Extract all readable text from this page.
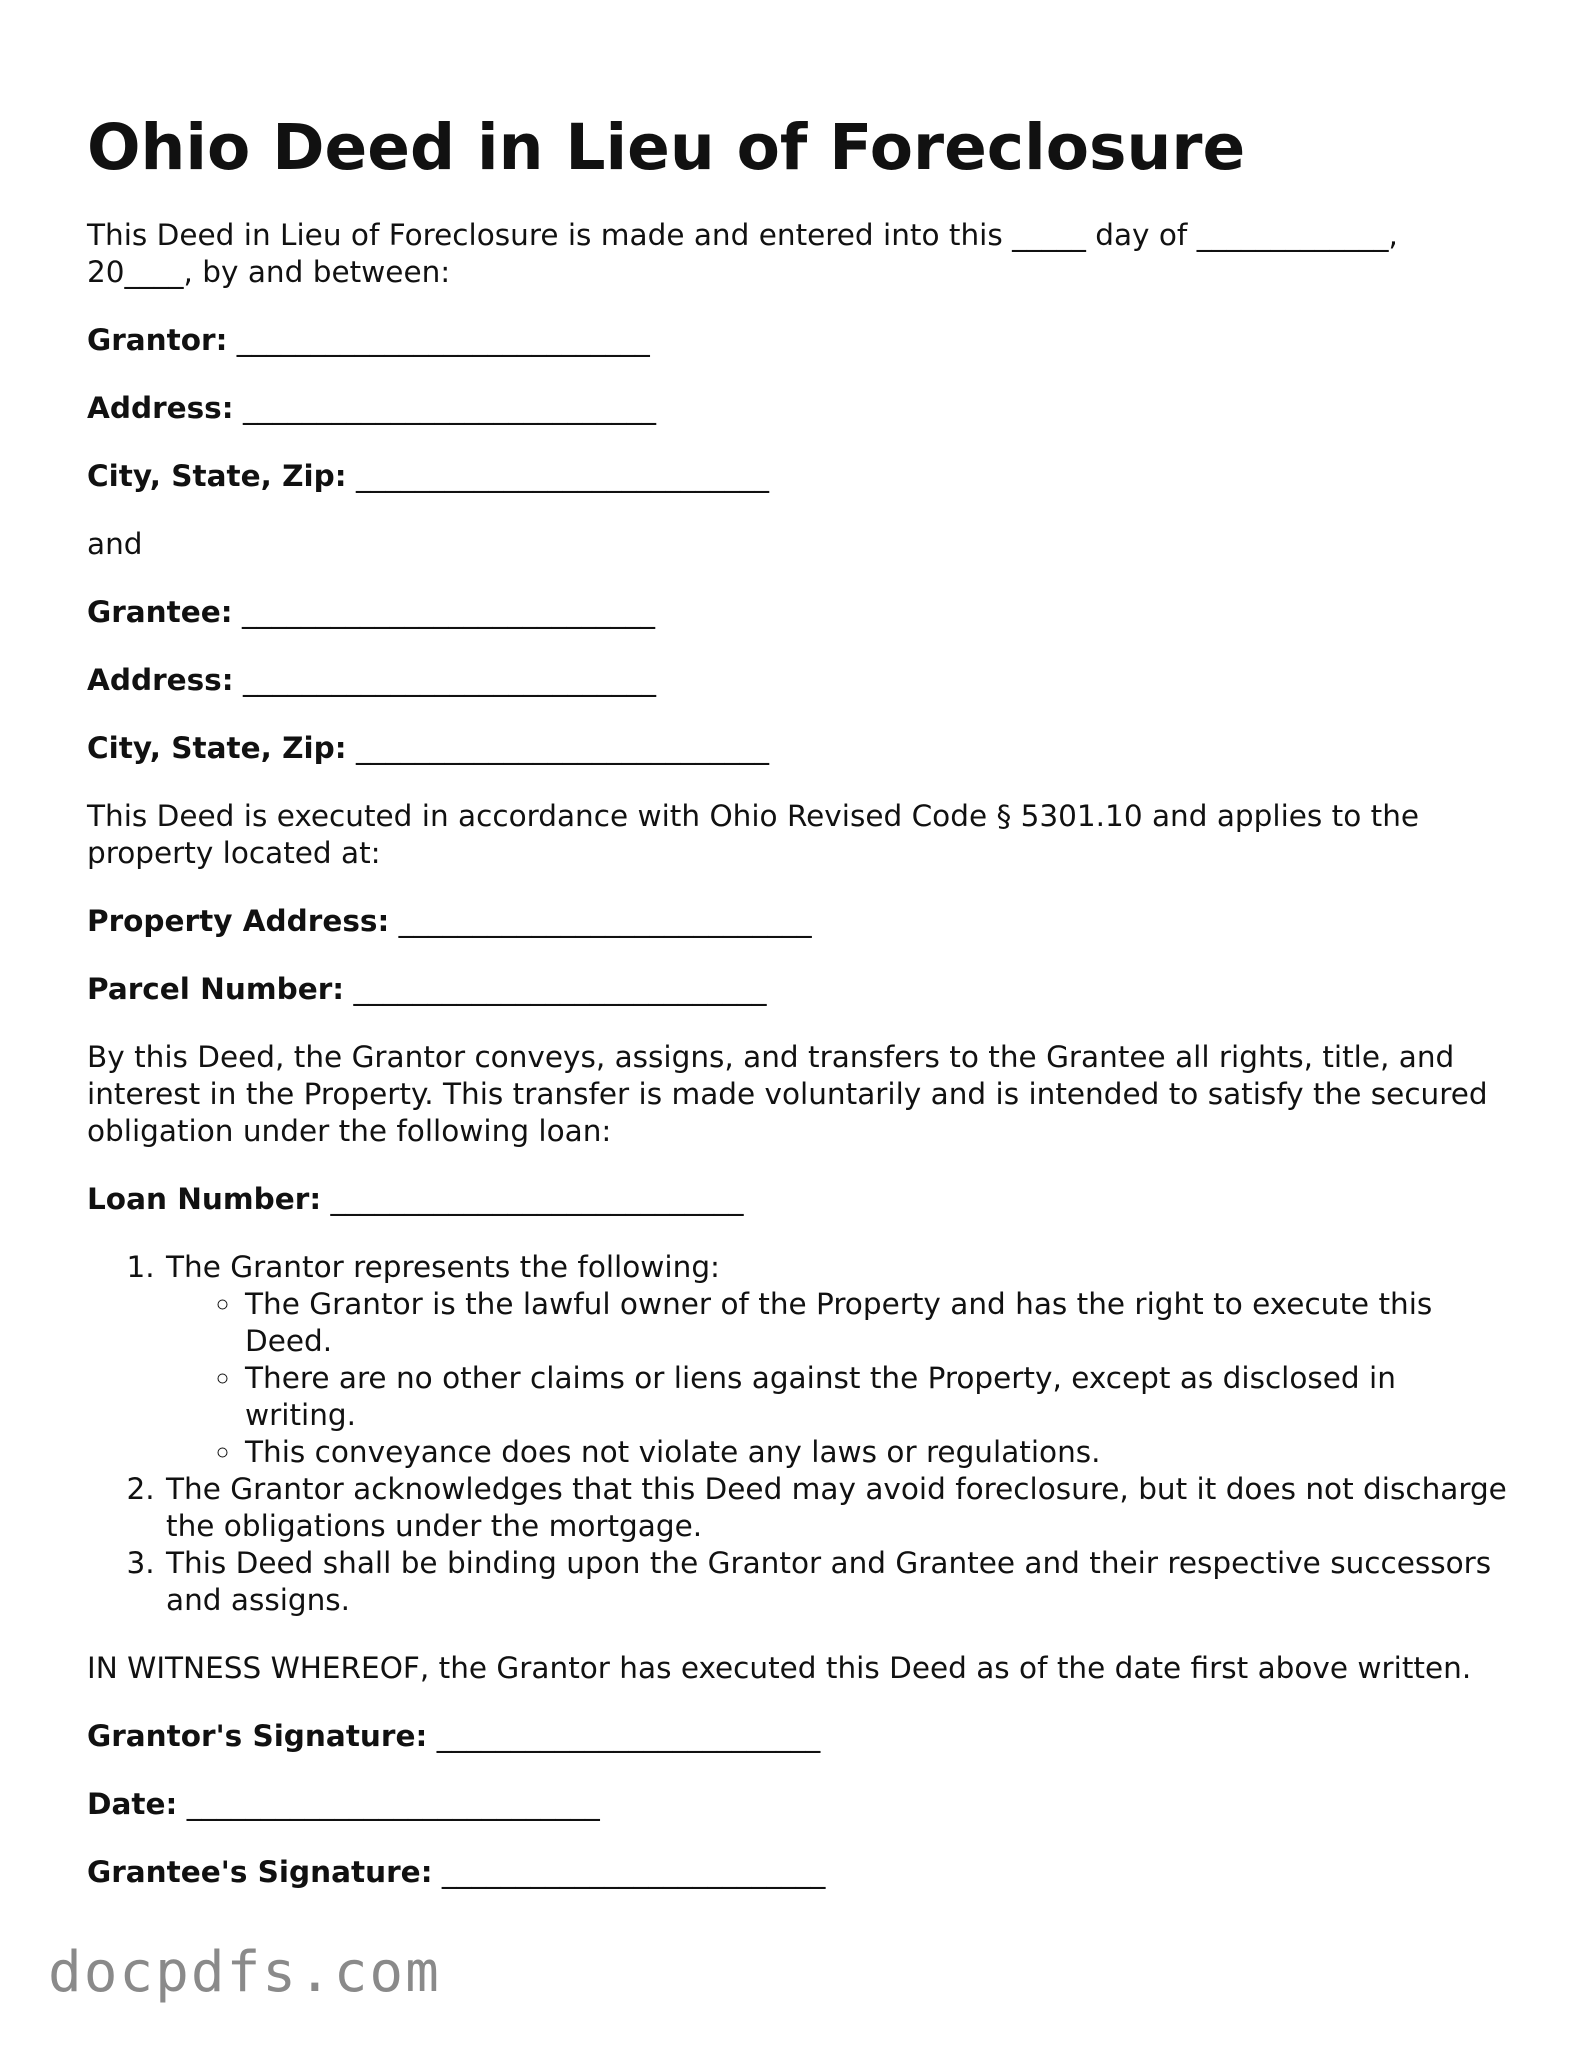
Ohio Deed in Lieu of Foreclosure

This Deed in Lieu of Foreclosure is made and entered into this _____ day of _____________, 20____, by and between:

Grantor: ____________________________
Address: ____________________________
City, State, Zip: ____________________________

and

Grantee: ____________________________
Address: ____________________________
City, State, Zip: ____________________________

This Deed is executed in accordance with Ohio Revised Code § 5301.10 and applies to the property located at:

Property Address: ____________________________
Parcel Number: ____________________________

By this Deed, the Grantor conveys, assigns, and transfers to the Grantee all rights, title, and interest in the Property. This transfer is made voluntarily and is intended to satisfy the secured obligation under the following loan:

Loan Number: ____________________________
1. The Grantor represents the following:
◦ The Grantor is the lawful owner of the Property and has the right to execute this Deed.
◦ There are no other claims or liens against the Property, except as disclosed in writing.
◦ This conveyance does not violate any laws or regulations.
2. The Grantor acknowledges that this Deed may avoid foreclosure, but it does not discharge the obligations under the mortgage.
3. This Deed shall be binding upon the Grantor and Grantee and their respective successors and assigns.

IN WITNESS WHEREOF, the Grantor has executed this Deed as of the date first above written.

Grantor's Signature: __________________________
Date: ____________________________
Grantee's Signature: __________________________
docpdfs.com
